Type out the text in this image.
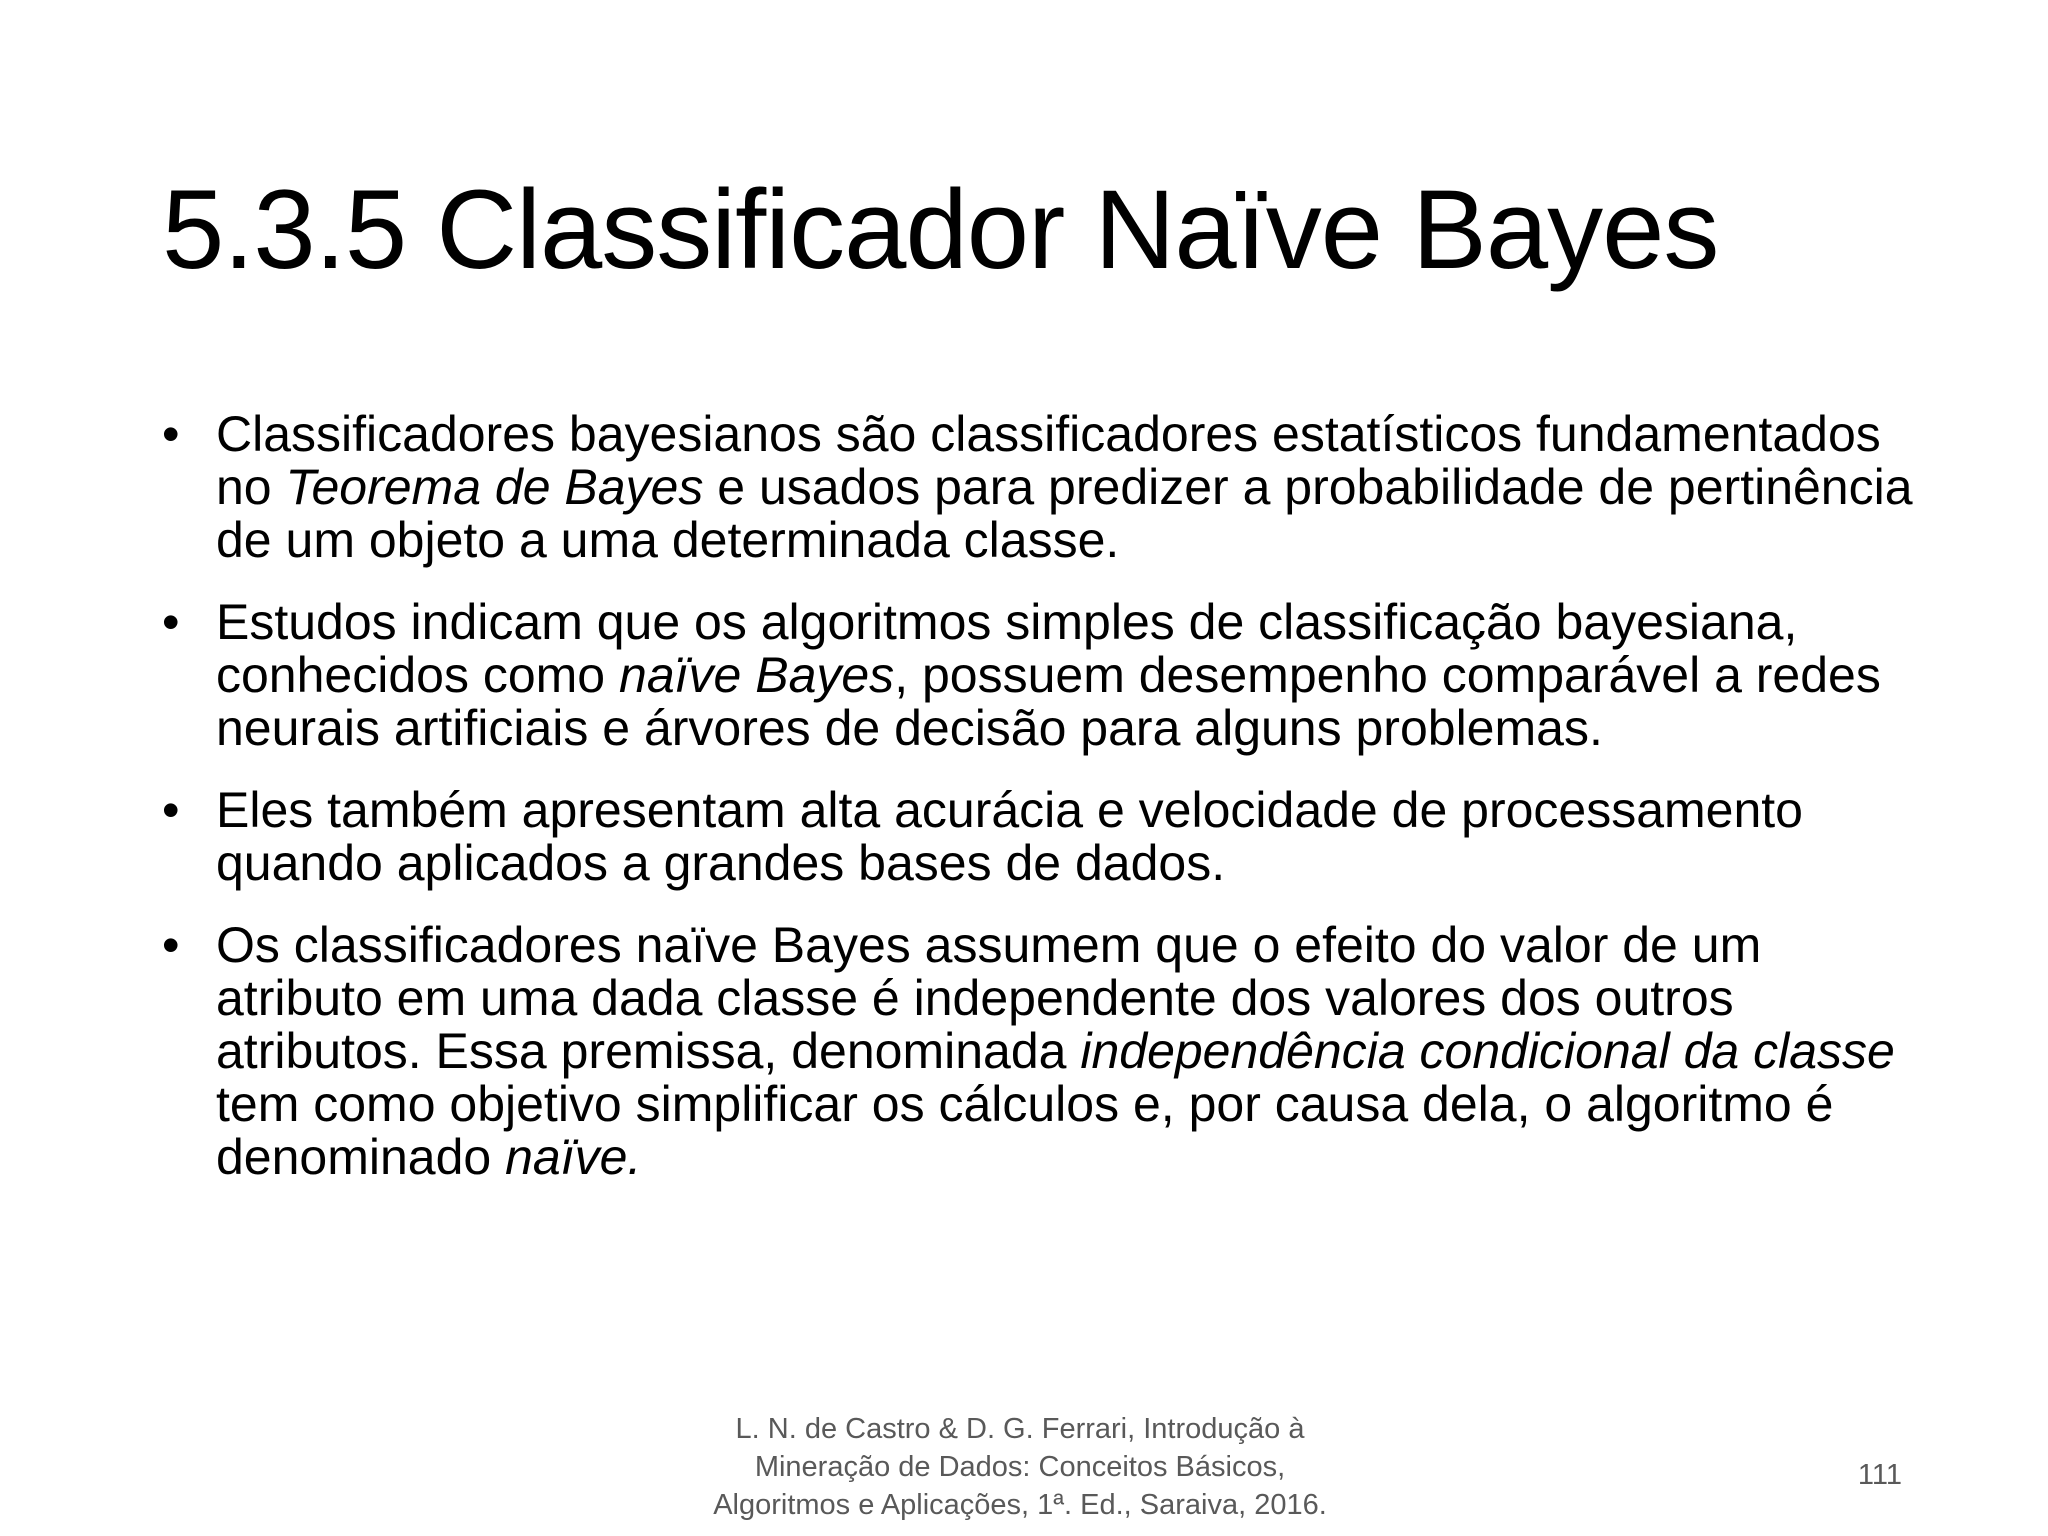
5.3.5 Classificador Naïve Bayes
• Classificadores bayesianos são classificadores estatísticos fundamentados no Teorema de Bayes e usados para predizer a probabilidade de pertinência de um objeto a uma determinada classe.
• Estudos indicam que os algoritmos simples de classificação bayesiana, conhecidos como naïve Bayes, possuem desempenho comparável a redes neurais artificiais e árvores de decisão para alguns problemas.
• Eles também apresentam alta acurácia e velocidade de processamento quando aplicados a grandes bases de dados.
• Os classificadores naïve Bayes assumem que o efeito do valor de um atributo em uma dada classe é independente dos valores dos outros atributos. Essa premissa, denominada independência condicional da classe tem como objetivo simplificar os cálculos e, por causa dela, o algoritmo é denominado naïve.
L. N. de Castro & D. G. Ferrari, Introdução à
Mineração de Dados: Conceitos Básicos,
Algoritmos e Aplicações, 1ª. Ed., Saraiva, 2016.
111
